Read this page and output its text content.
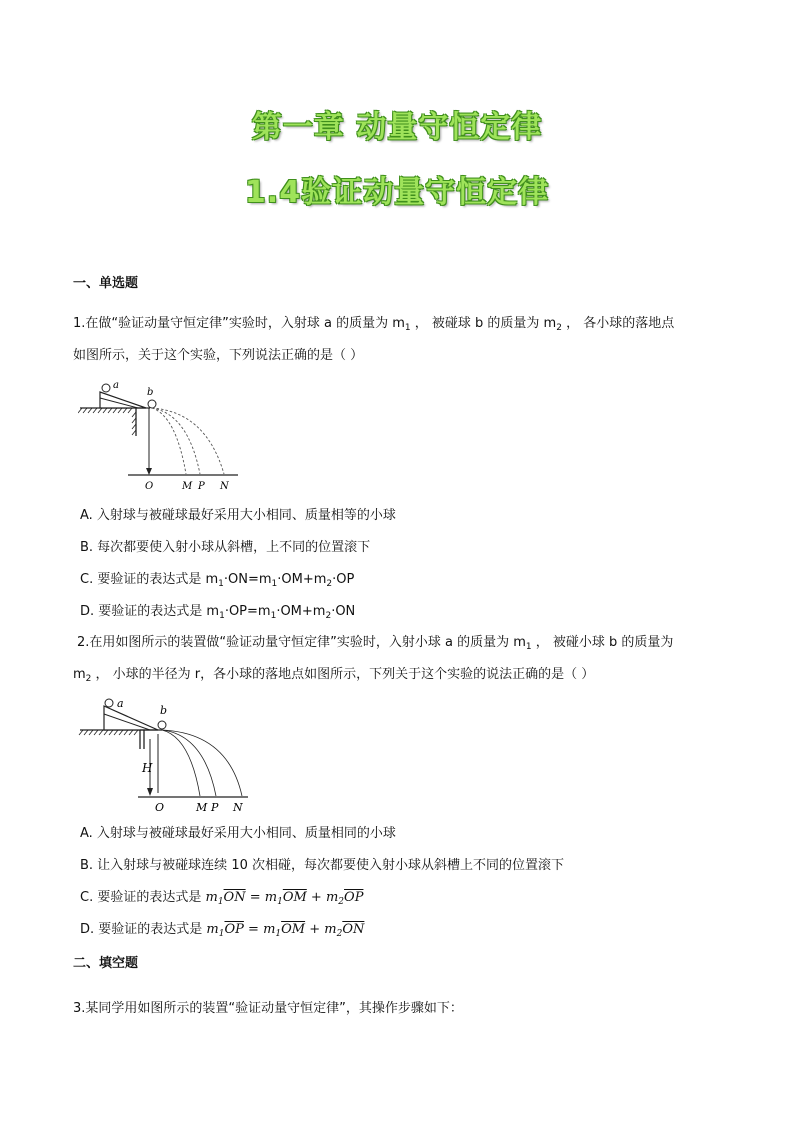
第一章 动量守恒定律
1.4验证动量守恒定律
一、单选题
1.在做“验证动量守恒定律”实验时，入射球 a 的质量为 $m_1$ ， 被碰球 b 的质量为 $m_2$ ， 各小球的落地点
如图所示，关于这个实验，下列说法正确的是（ ）
a
b
O	M P N
A. 入射球与被碰球最好采用大小相同、质量相等的小球
B. 每次都要使入射小球从斜槽，上不同的位置滚下
C. 要验证的表达式是 $m_1\cdot ON=m_1\cdot OM+m_2\cdot OP$
D. 要验证的表达式是 $m_1\cdot OP=m_1\cdot OM+m_2\cdot ON$
2.在用如图所示的装置做“验证动量守恒定律”实验时，入射小球 a 的质量为 $m_1$ ， 被碰小球 b 的质量为
$m_2$ ， 小球的半径为 r，各小球的落地点如图所示，下列关于这个实验的说法正确的是（ ）
a
b
H
O	M P N
A. 入射球与被碰球最好采用大小相同、质量相同的小球
B. 让入射球与被碰球连续 10 次相碰，每次都要使入射小球从斜槽上不同的位置滚下
C. 要验证的表达式是 $m_1\overline{ON} = m_1\overline{OM} + m_2\overline{OP}$
D. 要验证的表达式是 $m_1\overline{OP} = m_1\overline{OM} + m_2\overline{ON}$
二、填空题
3.某同学用如图所示的装置“验证动量守恒定律”，其操作步骤如下：
